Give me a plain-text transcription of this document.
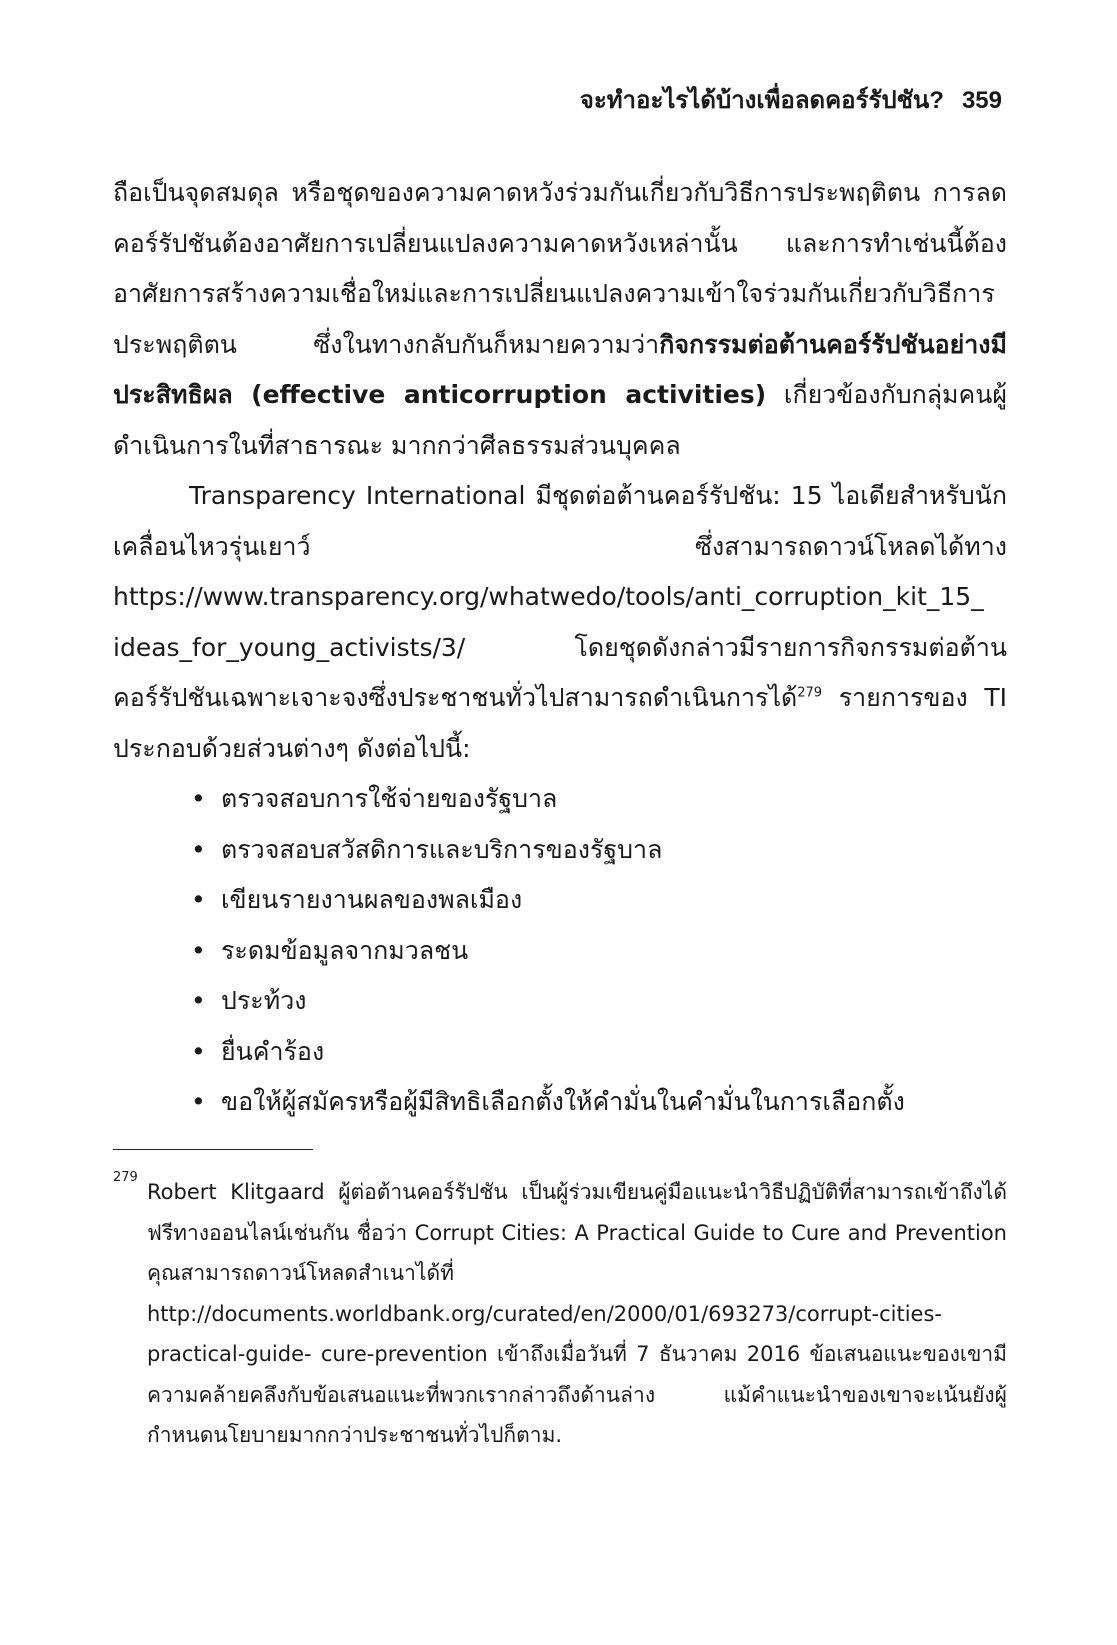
จะทำอะไรได้บ้างเพื่อลดคอร์รัปชัน? 359

ถือเป็นจุดสมดุล หรือชุดของความคาดหวังร่วมกันเกี่ยวกับวิธีการประพฤติตน การลดคอร์รัปชันต้องอาศัยการเปลี่ยนแปลงความคาดหวังเหล่านั้น และการทำเช่นนี้ต้องอาศัยการสร้างความเชื่อใหม่และการเปลี่ยนแปลงความเข้าใจร่วมกันเกี่ยวกับวิธีการประพฤติตน ซึ่งในทางกลับกันก็หมายความว่ากิจกรรมต่อต้านคอร์รัปชันอย่างมีประสิทธิผล (effective anticorruption activities) เกี่ยวข้องกับกลุ่มคนผู้ดำเนินการในที่สาธารณะ มากกว่าศีลธรรมส่วนบุคคล

Transparency International มีชุดต่อต้านคอร์รัปชัน: 15 ไอเดียสำหรับนักเคลื่อนไหวรุ่นเยาว์ ซึ่งสามารถดาวน์โหลดได้ทาง https://www.transparency.org/whatwedo/tools/anti_corruption_kit_15_ ideas_for_young_activists/3/ โดยชุดดังกล่าวมีรายการกิจกรรมต่อต้านคอร์รัปชันเฉพาะเจาะจงซึ่งประชาชนทั่วไปสามารถดำเนินการได้$^{279}$ รายการของ TI ประกอบด้วยส่วนต่างๆ ดังต่อไปนี้:

• ตรวจสอบการใช้จ่ายของรัฐบาล
• ตรวจสอบสวัสดิการและบริการของรัฐบาล
• เขียนรายงานผลของพลเมือง
• ระดมข้อมูลจากมวลชน
• ประท้วง
• ยื่นคำร้อง
• ขอให้ผู้สมัครหรือผู้มีสิทธิเลือกตั้งให้คำมั่นในคำมั่นในการเลือกตั้ง
279

Robert Klitgaard ผู้ต่อต้านคอร์รัปชัน เป็นผู้ร่วมเขียนคู่มือแนะนำวิธีปฏิบัติที่สามารถเข้าถึงได้ฟรีทางออนไลน์เช่นกัน ชื่อว่า Corrupt Cities: A Practical Guide to Cure and Prevention คุณสามารถดาวน์โหลดสำเนาได้ที่ http://documents.worldbank.org/curated/en/2000/01/693273/corrupt-cities-practical-guide- cure-prevention เข้าถึงเมื่อวันที่ 7 ธันวาคม 2016 ข้อเสนอแนะของเขามีความคล้ายคลึงกับข้อเสนอแนะที่พวกเรากล่าวถึงด้านล่าง แม้คำแนะนำของเขาจะเน้นยังผู้กำหนดนโยบายมากกว่าประชาชนทั่วไปก็ตาม.
